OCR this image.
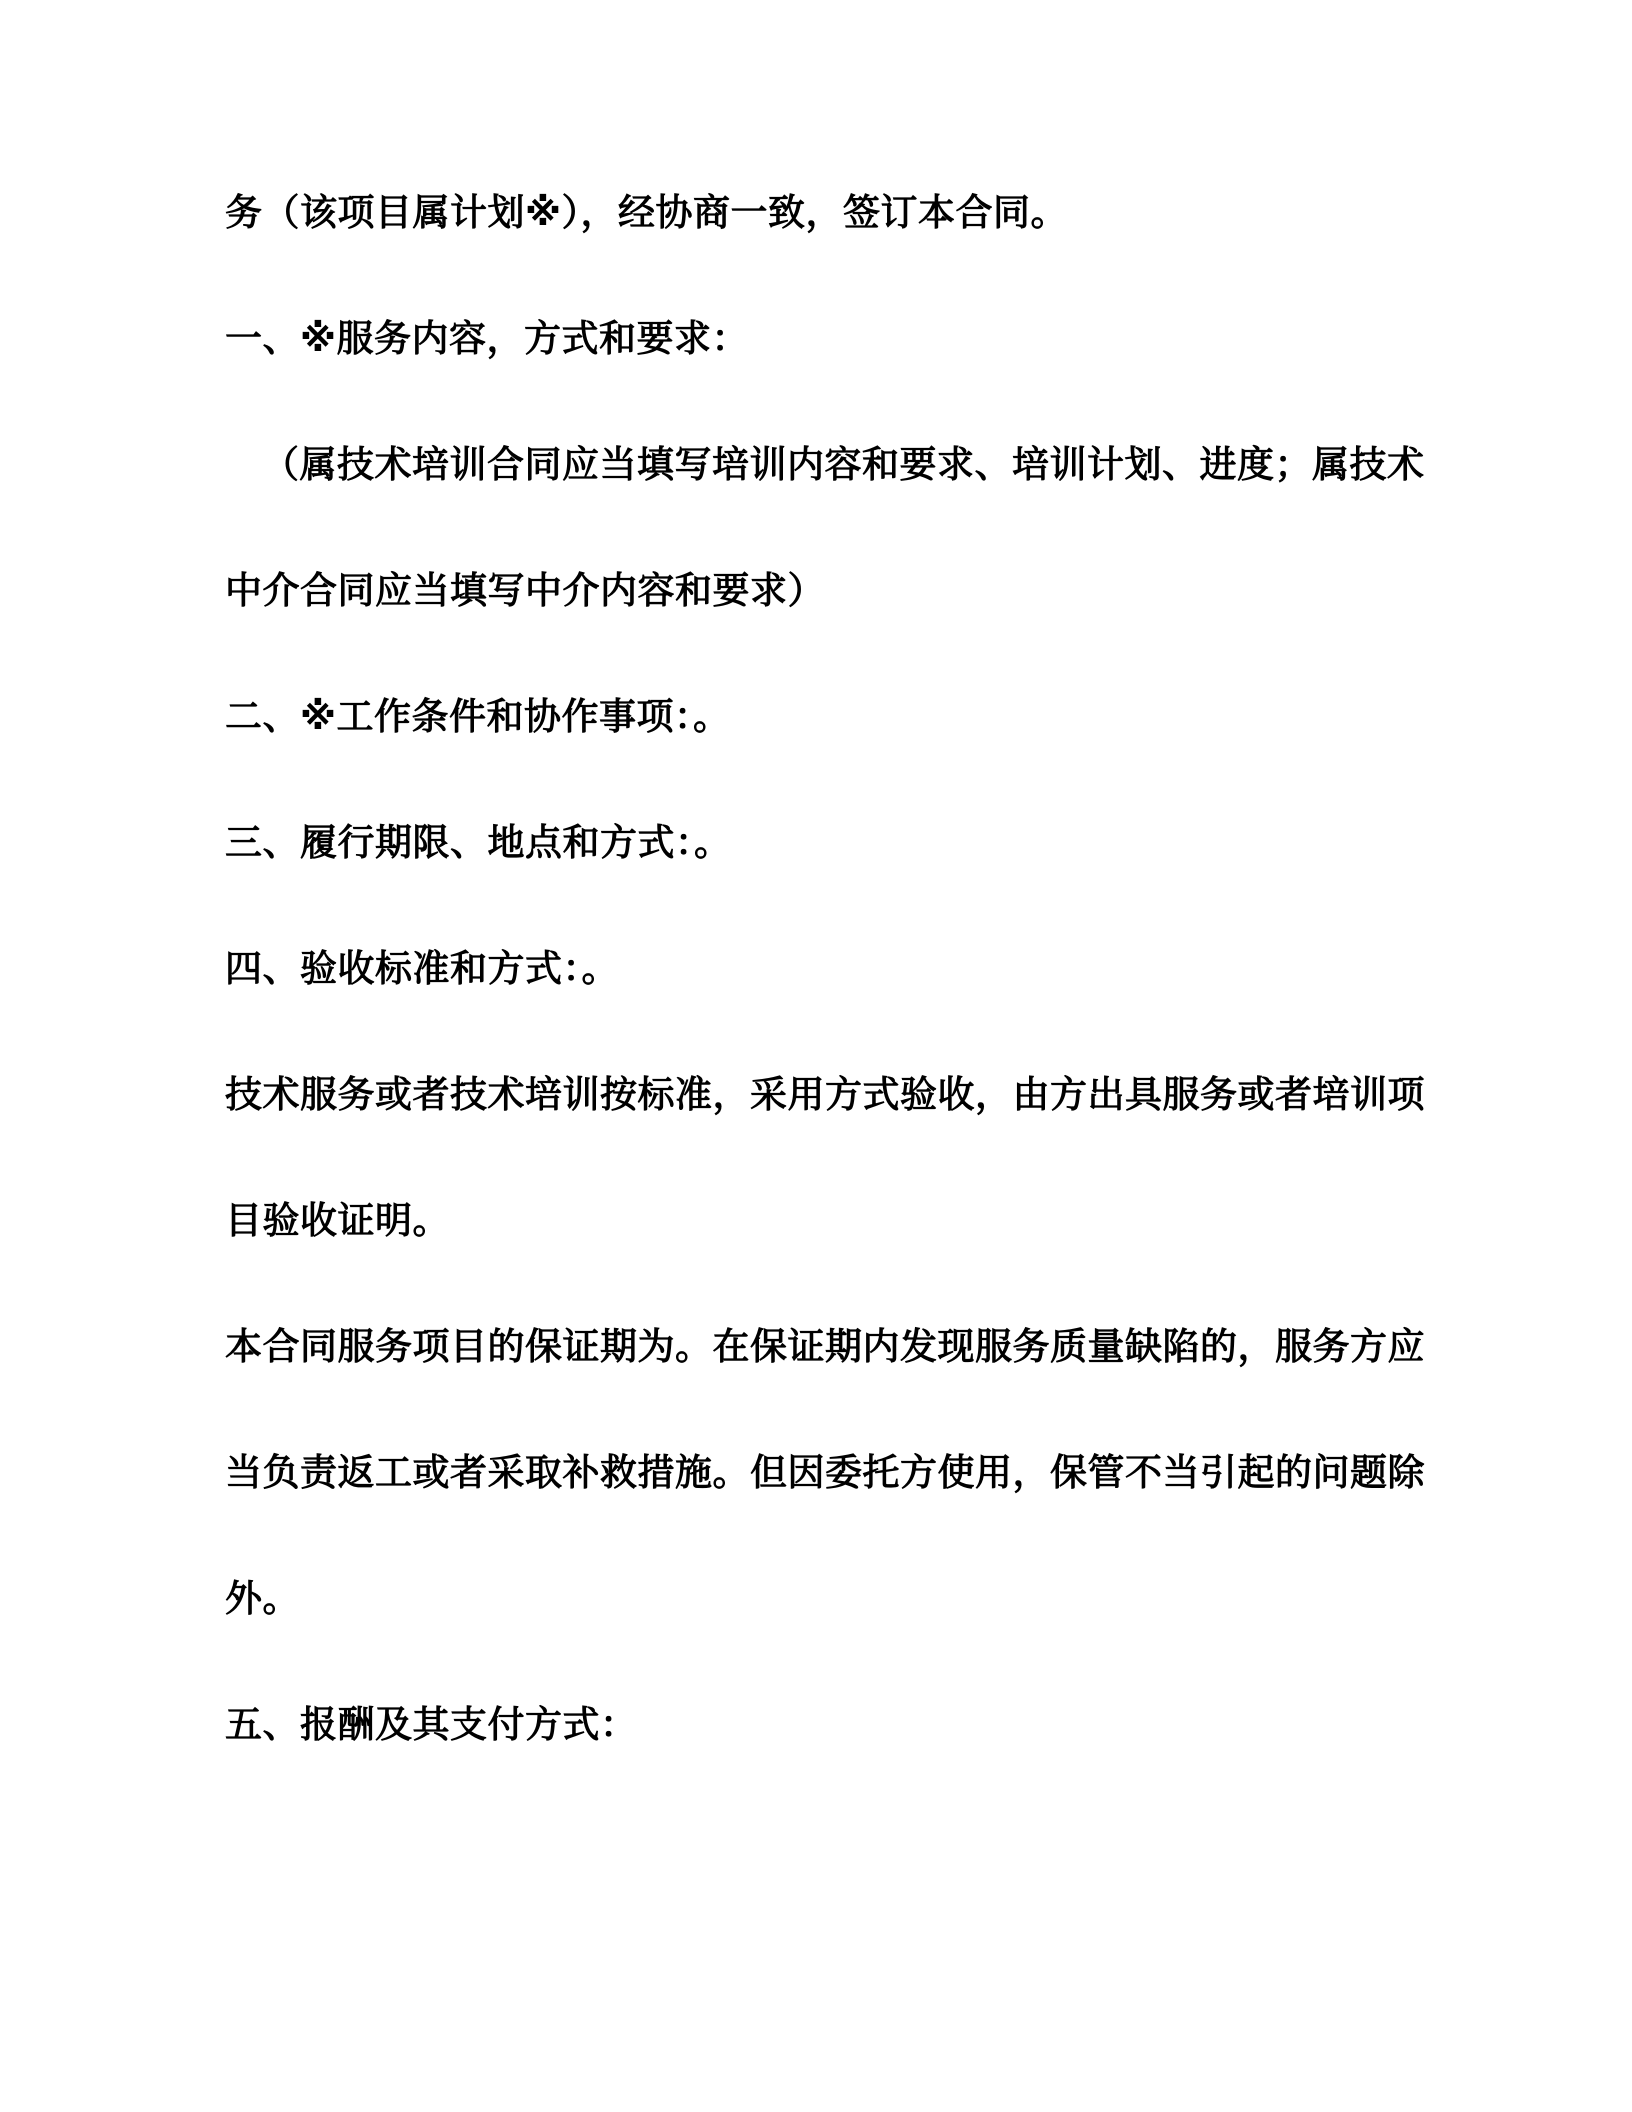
务（该项目属计划※），经协商一致，签订本合同。

一、※服务内容，方式和要求：

（属技术培训合同应当填写培训内容和要求、培训计划、进度；属技术中介合同应当填写中介内容和要求）

二、※工作条件和协作事项：。

三、履行期限、地点和方式：。

四、验收标准和方式：。

技术服务或者技术培训按标准，采用方式验收，由方出具服务或者培训项目验收证明。

本合同服务项目的保证期为。在保证期内发现服务质量缺陷的，服务方应当负责返工或者采取补救措施。但因委托方使用，保管不当引起的问题除外。

五、报酬及其支付方式：
